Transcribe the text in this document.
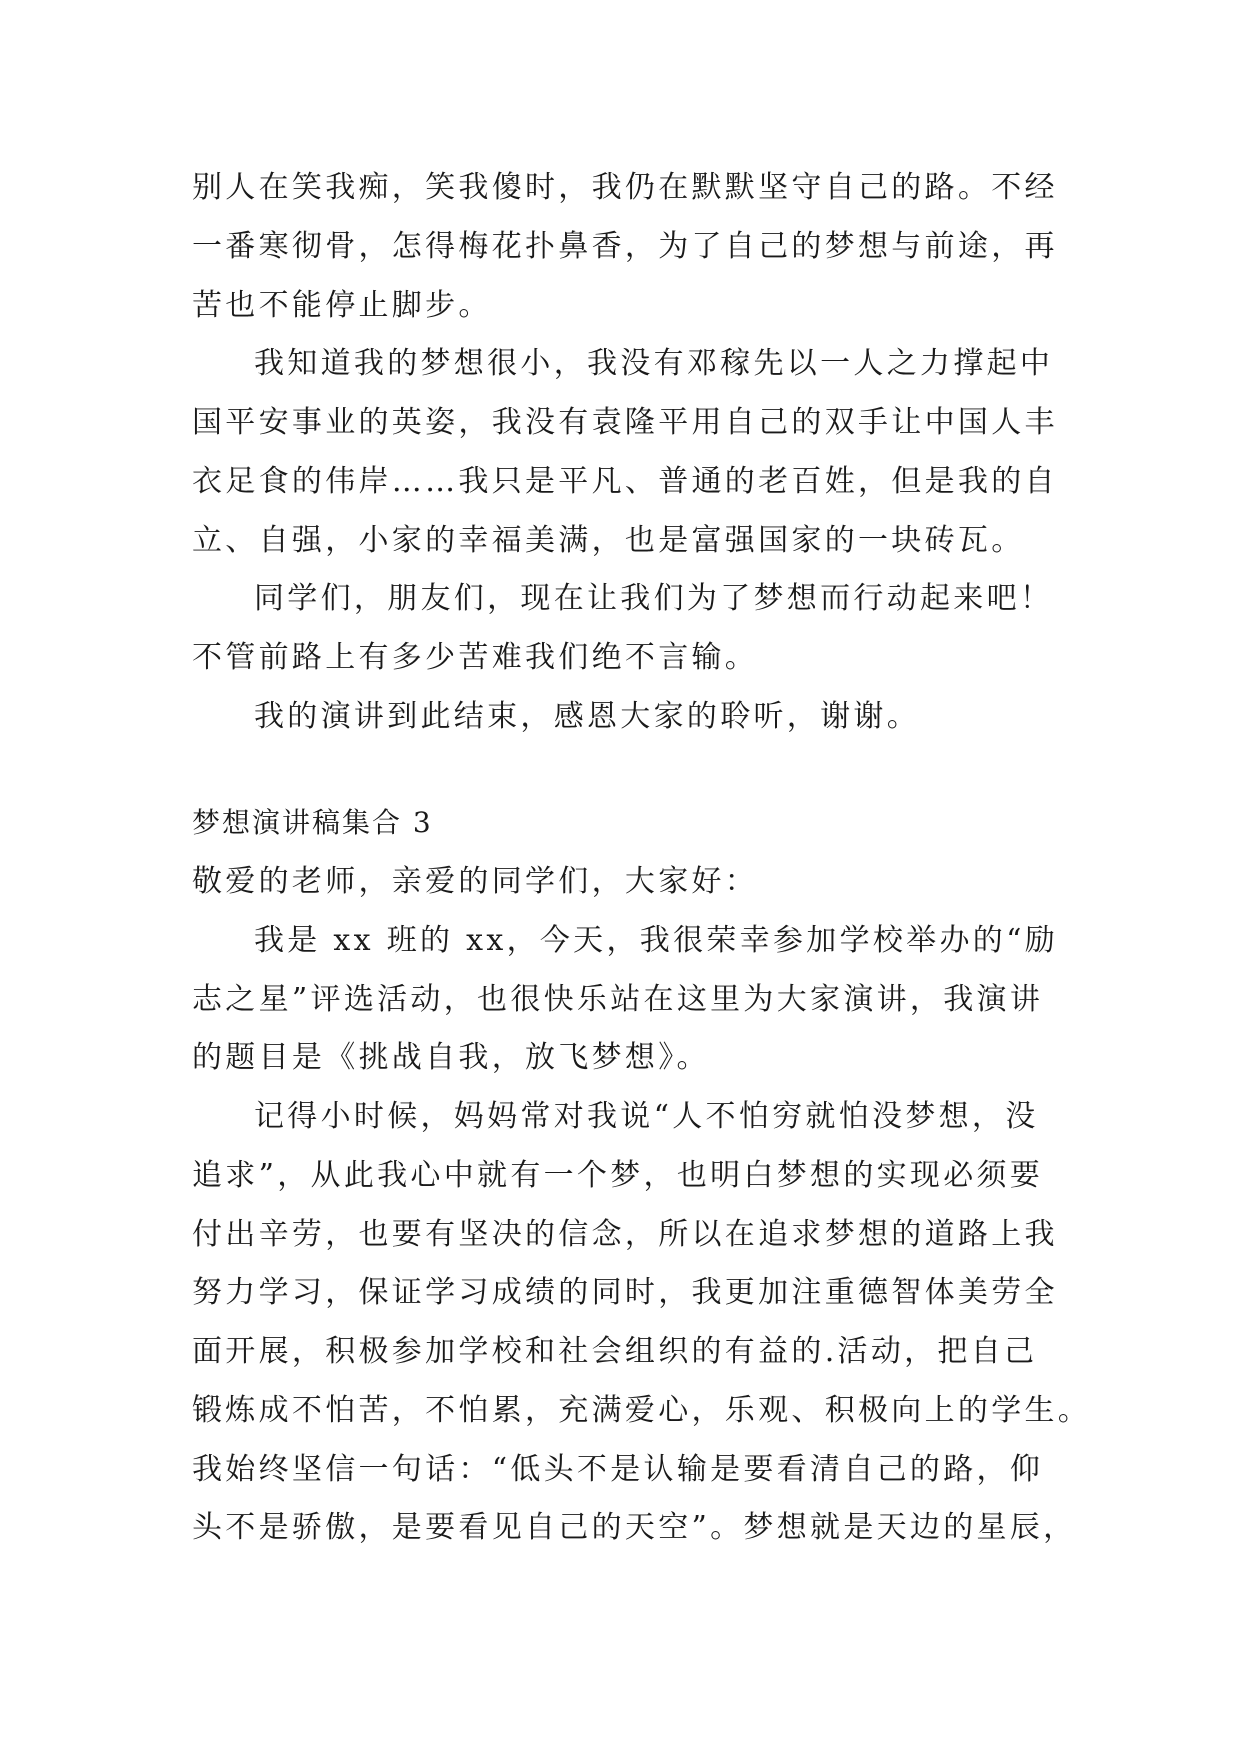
别人在笑我痴，笑我傻时，我仍在默默坚守自己的路。不经

一番寒彻骨，怎得梅花扑鼻香，为了自己的梦想与前途，再

苦也不能停止脚步。

我知道我的梦想很小，我没有邓稼先以一人之力撑起中

国平安事业的英姿，我没有袁隆平用自己的双手让中国人丰

衣足食的伟岸……我只是平凡、普通的老百姓，但是我的自

立、自强，小家的幸福美满，也是富强国家的一块砖瓦。

同学们，朋友们，现在让我们为了梦想而行动起来吧！

不管前路上有多少苦难我们绝不言输。

我的演讲到此结束，感恩大家的聆听，谢谢。

梦想演讲稿集合 3

敬爱的老师，亲爱的同学们，大家好：

我是 xx 班的 xx，今天，我很荣幸参加学校举办的“励

志之星”评选活动，也很快乐站在这里为大家演讲，我演讲

的题目是《挑战自我，放飞梦想》。

记得小时候，妈妈常对我说“人不怕穷就怕没梦想，没

追求”，从此我心中就有一个梦，也明白梦想的实现必须要

付出辛劳，也要有坚决的信念，所以在追求梦想的道路上我

努力学习，保证学习成绩的同时，我更加注重德智体美劳全

面开展，积极参加学校和社会组织的有益的.活动，把自己

锻炼成不怕苦，不怕累，充满爱心，乐观、积极向上的学生。

我始终坚信一句话：“低头不是认输是要看清自己的路，仰

头不是骄傲，是要看见自己的天空”。梦想就是天边的星辰，
